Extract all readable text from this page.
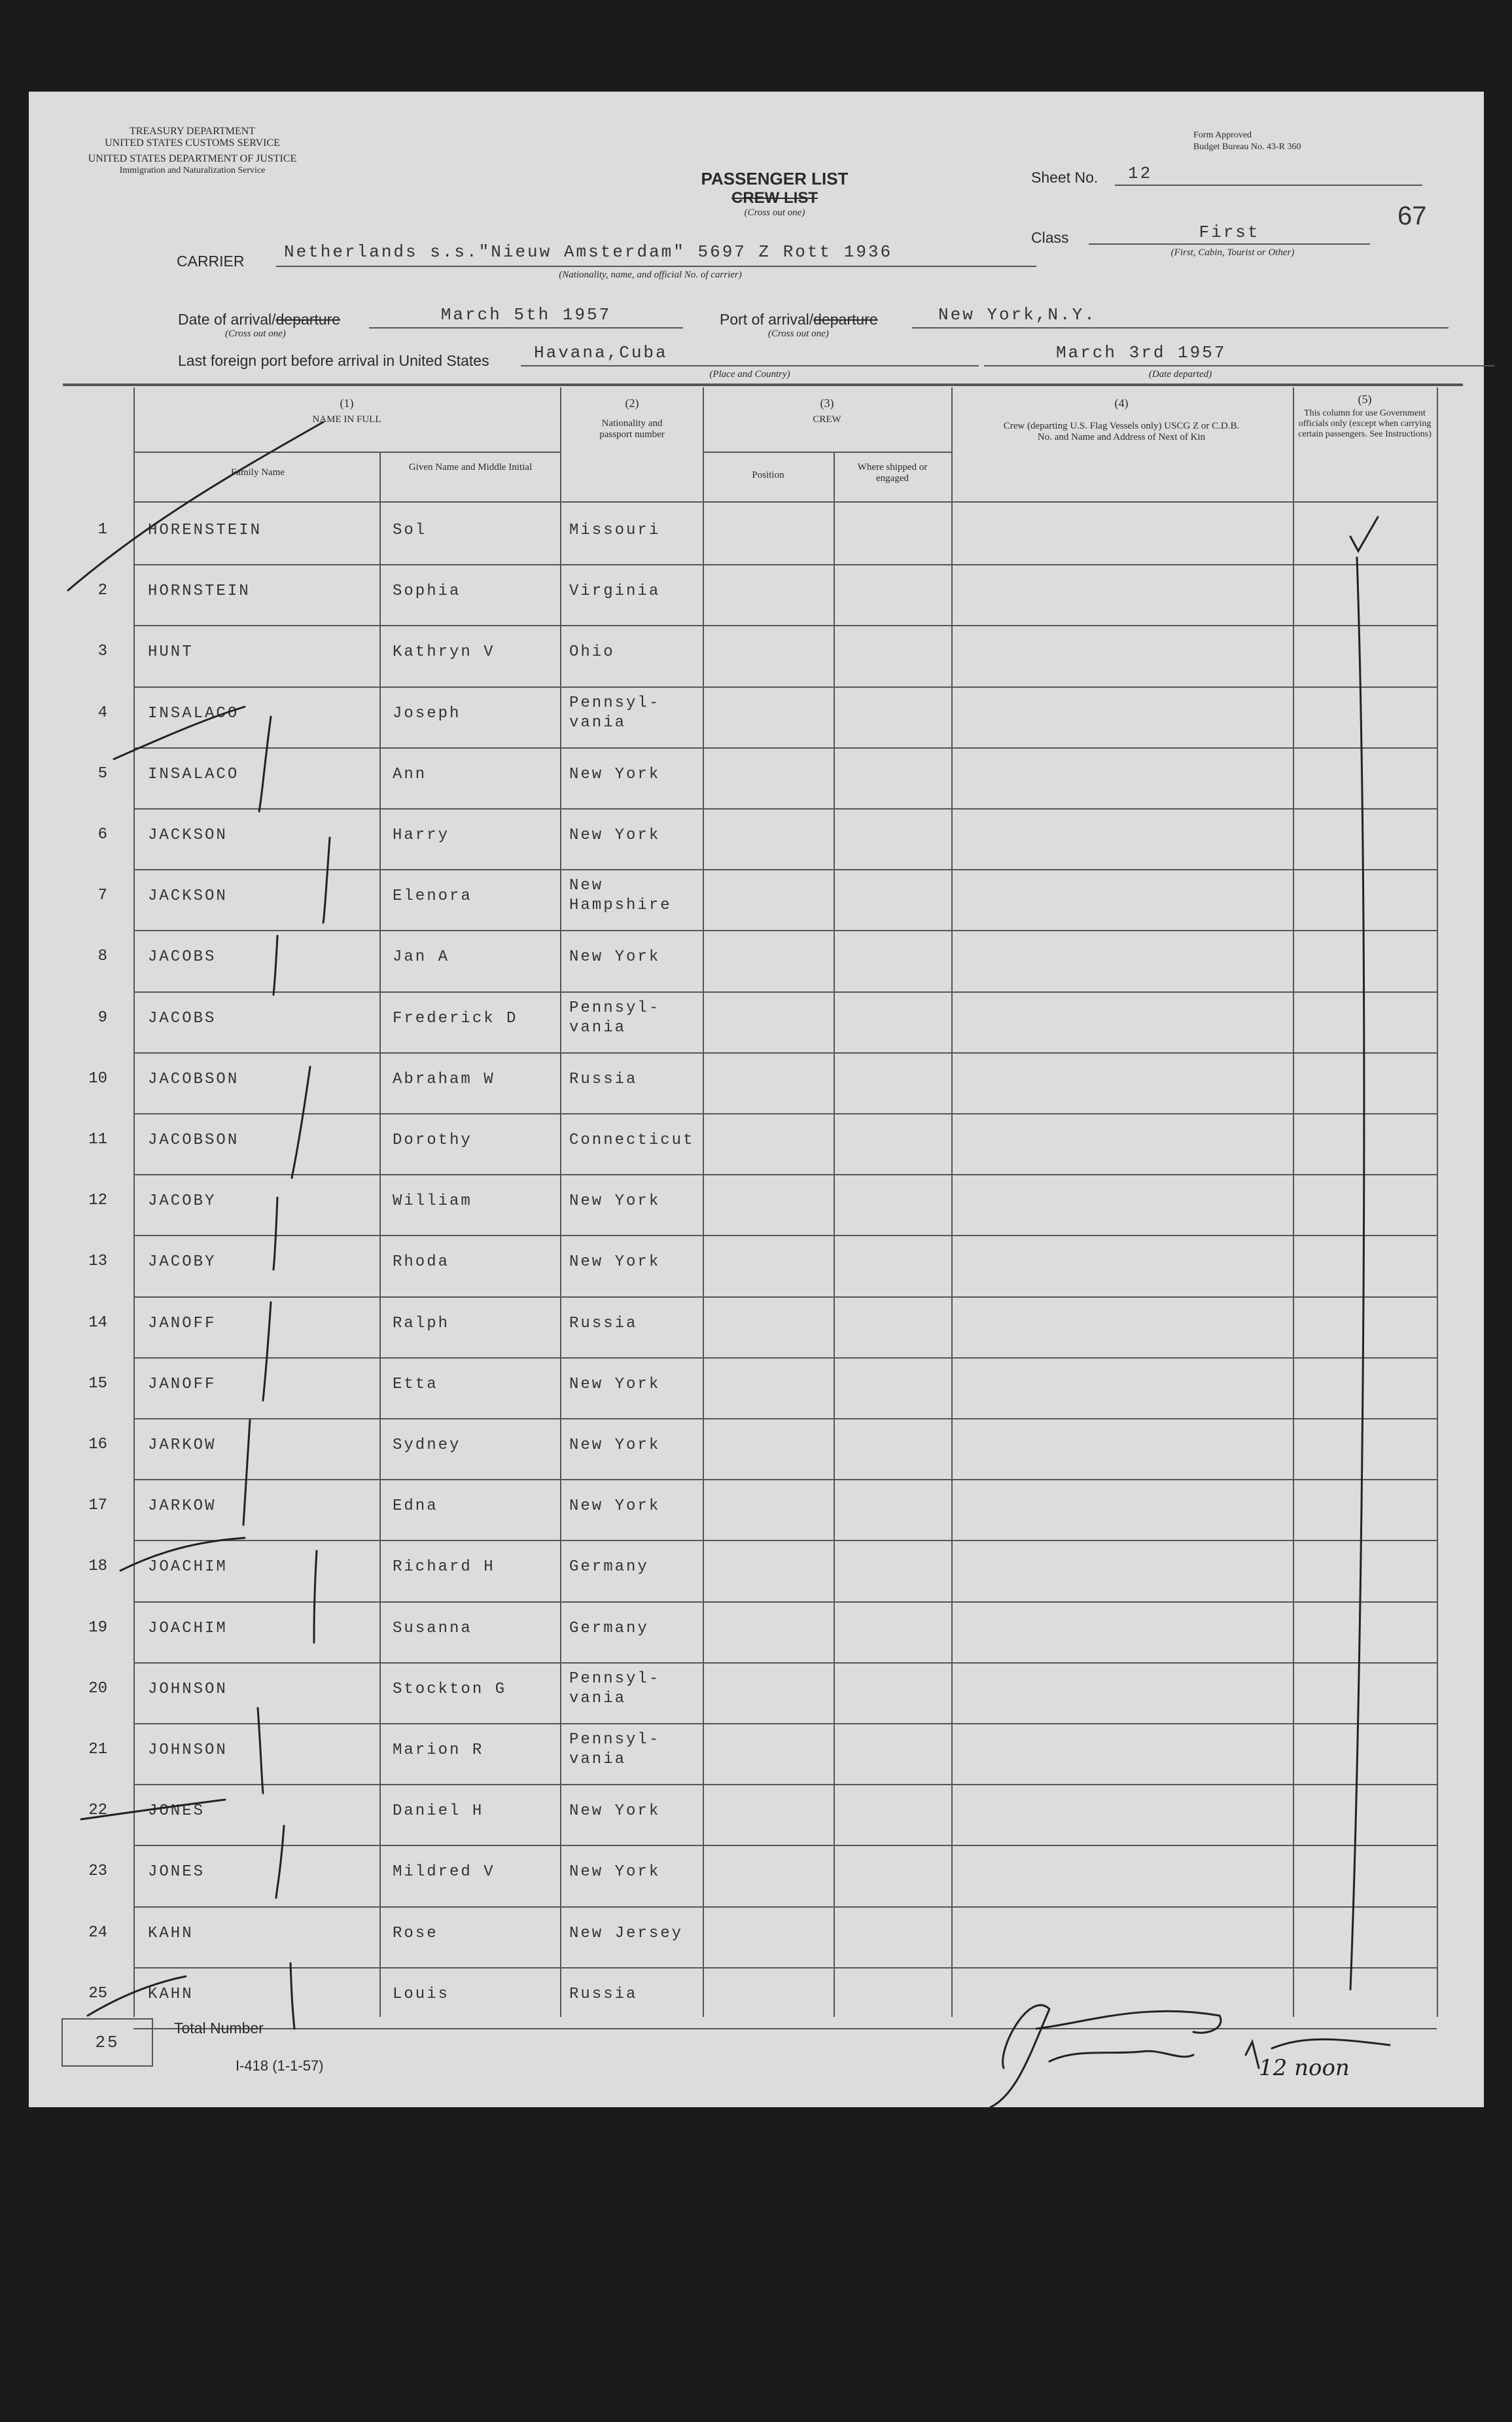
TREASURY DEPARTMENT
UNITED STATES CUSTOMS SERVICE
UNITED STATES DEPARTMENT OF JUSTICE
Immigration and Naturalization Service
Form Approved
Budget Bureau No. 43-R 360
PASSENGER LIST
CREW LIST
(Cross out one)
Sheet No.	12
67
Class	First
(First, Cabin, Tourist or Other)
CARRIER	Netherlands s.s."Nieuw Amsterdam" 5697 Z Rott 1936
(Nationality, name, and official No. of carrier)
Date of arrival/departure
(Cross out one)
March 5th 1957	Port of arrival/departure
(Cross out one)
New York,N.Y.
Last foreign port before arrival in United States	Havana,Cuba
(Place and Country)
March 3rd 1957
(Date departed)
(1)
NAME IN FULL
Family Name	Given Name and Middle Initial
(2)
Nationality and passport number
(3)
CREW
Position
Where shipped or engaged
(4)
Crew (departing U.S. Flag Vessels only) USCG Z or C.D.B. No. and Name and Address of Next of Kin
(5)
This column for use Government officials only (except when carrying certain passengers. See Instructions)
1	HORENSTEIN	Sol	Missouri
2	HORNSTEIN	Sophia	Virginia
3	HUNT	Kathryn V	Ohio
4	INSALACO	Joseph
Pennsyl-
vania
5	INSALACO	Ann	New York
6	JACKSON	Harry	New York
7	JACKSON	Elenora
New
Hampshire
8	JACOBS	Jan A	New York
9	JACOBS	Frederick D
Pennsyl-
vania
10	JACOBSON	Abraham W	Russia
11	JACOBSON	Dorothy	Connecticut
12	JACOBY	William	New York
13	JACOBY	Rhoda	New York
14	JANOFF	Ralph	Russia
15	JANOFF	Etta	New York
16	JARKOW	Sydney	New York
17	JARKOW	Edna	New York
18	JOACHIM	Richard H	Germany
19	JOACHIM	Susanna	Germany
20	JOHNSON	Stockton G
Pennsyl-
vania
21	JOHNSON	Marion R
Pennsyl-
vania
22	JONES	Daniel H	New York
23	JONES	Mildred V	New York
24	KAHN	Rose	New Jersey
25	KAHN	Louis	Russia
25
Total Number
I-418 (1-1-57)	12 noon
